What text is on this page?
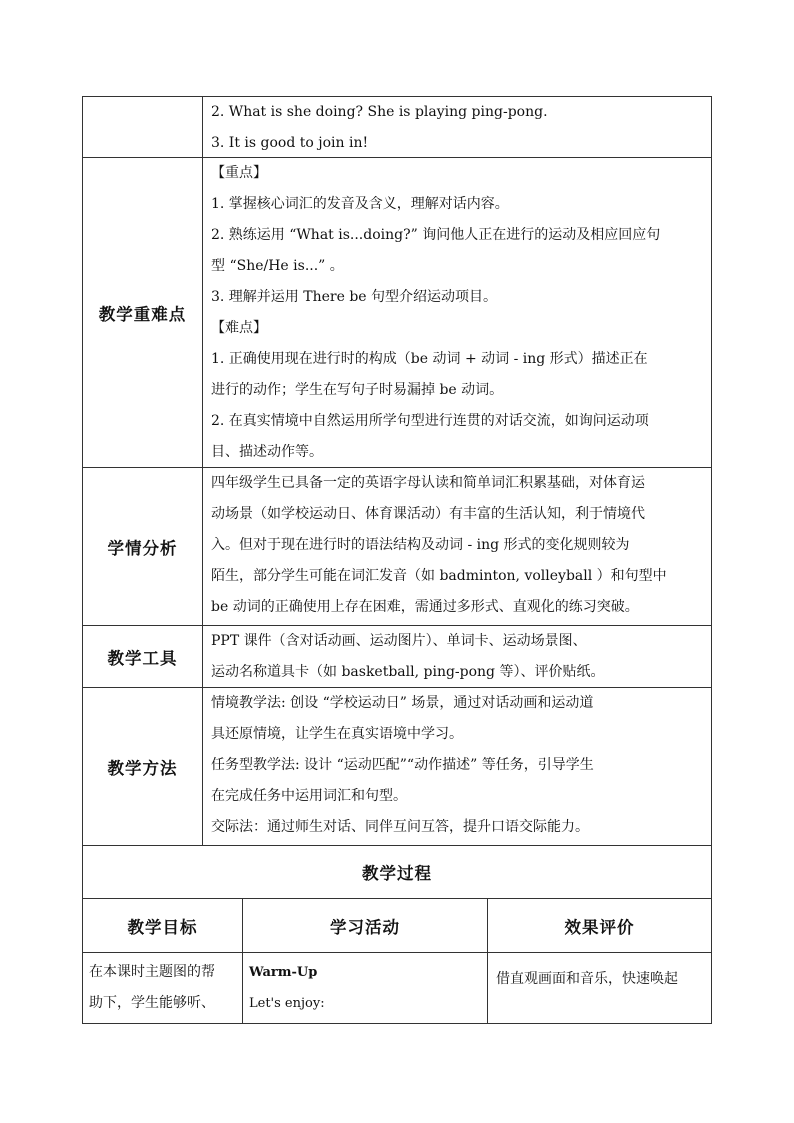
2. What is she doing? She is playing ping-pong.
3. It is good to join in!
教学重难点
【重点】
1. 掌握核心词汇的发音及含义，理解对话内容。
2. 熟练运用 “What is...doing?” 询问他人正在进行的运动及相应回应句
型 “She/He is...” 。
3. 理解并运用 There be 句型介绍运动项目。
【难点】
1. 正确使用现在进行时的构成（be 动词 + 动词 - ing 形式）描述正在
进行的动作；学生在写句子时易漏掉 be 动词。
2. 在真实情境中自然运用所学句型进行连贯的对话交流，如询问运动项
目、描述动作等。
学情分析
四年级学生已具备一定的英语字母认读和简单词汇积累基础，对体育运
动场景（如学校运动日、体育课活动）有丰富的生活认知，利于情境代
入。但对于现在进行时的语法结构及动词 - ing 形式的变化规则较为
陌生，部分学生可能在词汇发音（如 badminton, volleyball ）和句型中
be 动词的正确使用上存在困难，需通过多形式、直观化的练习突破。
教学工具
PPT 课件（含对话动画、运动图片）、单词卡、运动场景图、
运动名称道具卡（如 basketball, ping-pong 等）、评价贴纸。
教学方法
情境教学法: 创设 “学校运动日” 场景，通过对话动画和运动道
具还原情境，让学生在真实语境中学习。
任务型教学法: 设计 “运动匹配”“动作描述” 等任务，引导学生
在完成任务中运用词汇和句型。
交际法：通过师生对话、同伴互问互答，提升口语交际能力。
教学过程
教学目标	学习活动	效果评价
在本课时主题图的帮
助下，学生能够听、
Warm-Up
Let's enjoy:
借直观画面和音乐，快速唤起
